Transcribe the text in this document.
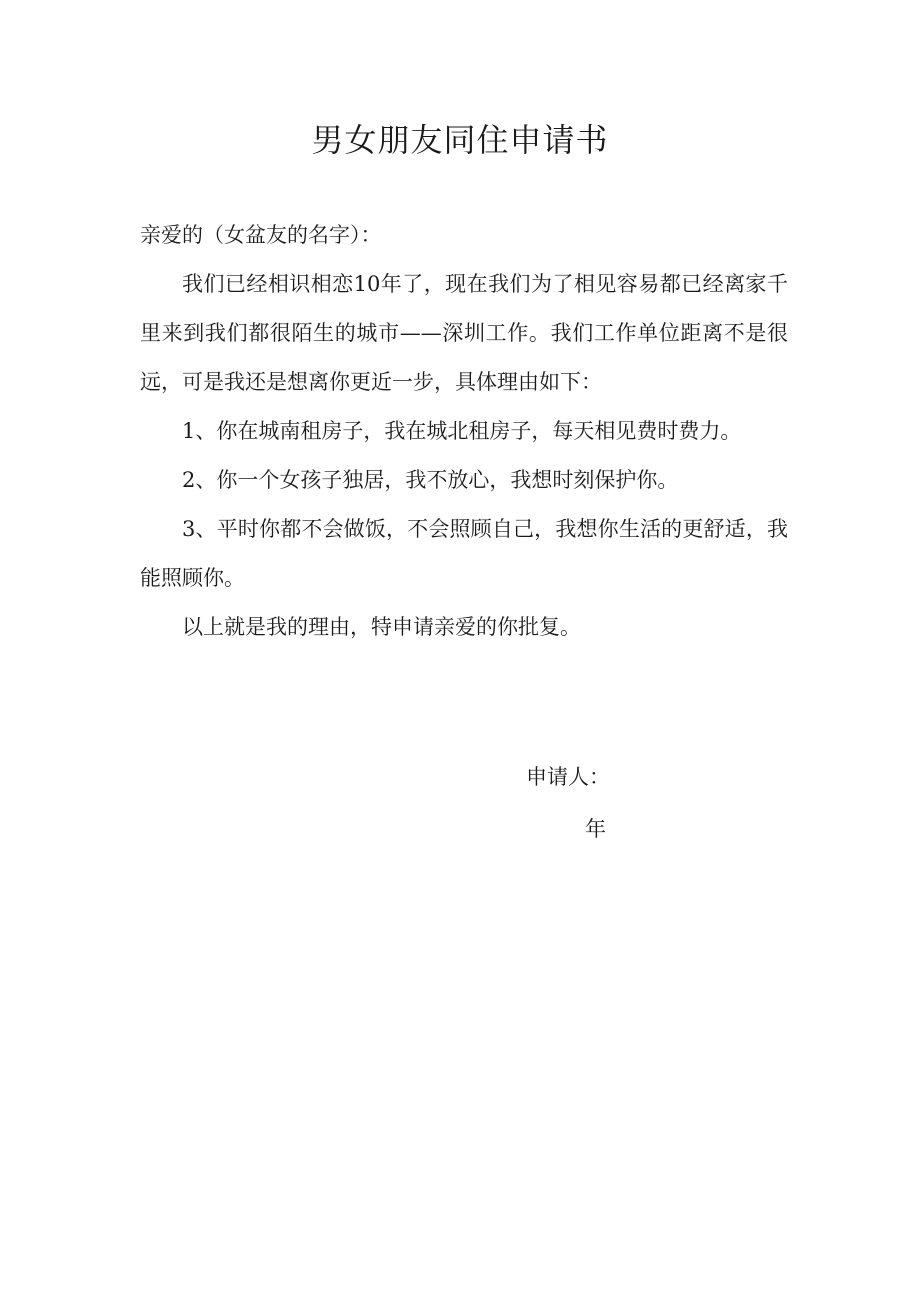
男女朋友同住申请书

亲爱的（女盆友的名字）：

我们已经相识相恋10年了，现在我们为了相见容易都已经离家千里来到我们都很陌生的城市——深圳工作。我们工作单位距离不是很远，可是我还是想离你更近一步，具体理由如下：

1、你在城南租房子，我在城北租房子，每天相见费时费力。

2、你一个女孩子独居，我不放心，我想时刻保护你。

3、平时你都不会做饭，不会照顾自己，我想你生活的更舒适，我能照顾你。

以上就是我的理由，特申请亲爱的你批复。

申请人：

年
